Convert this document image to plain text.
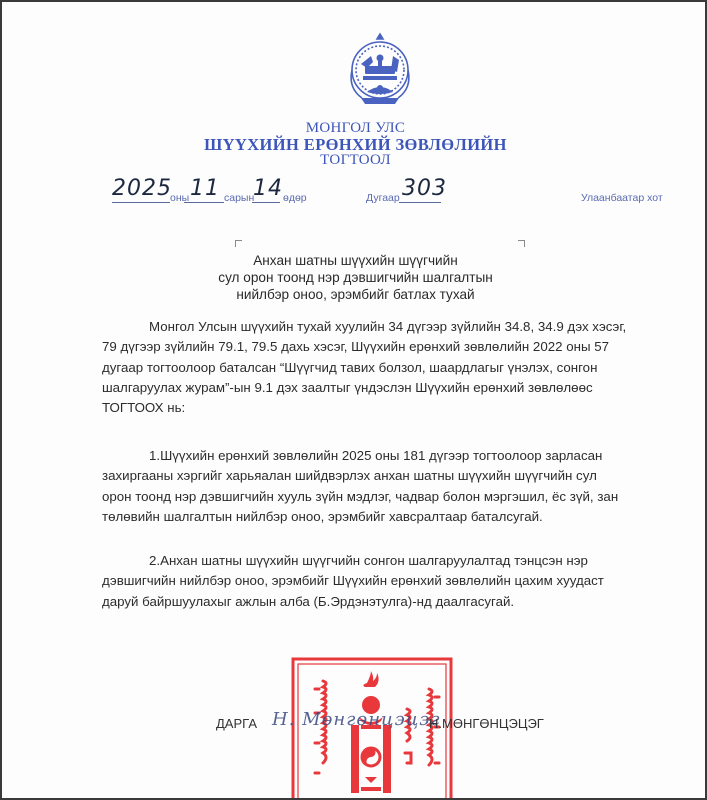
МОНГОЛ УЛС
ШҮҮХИЙН ЕРӨНХИЙ ЗӨВЛӨЛИЙН
ТОГТООЛ
2025
оны 11 сарын
14 өдөр	Дугаар 303	Улаанбаатар хот
Анхан шатны шүүхийн шүүгчийн
сул орон тоонд нэр дэвшигчийн шалгалтын
нийлбэр оноо, эрэмбийг батлах тухай
Монгол Улсын шүүхийн тухай хуулийн 34 дүгээр зүйлийн 34.8, 34.9 дэх хэсэг,
79 дүгээр зүйлийн 79.1, 79.5 дахь хэсэг, Шүүхийн ерөнхий зөвлөлийн 2022 оны 57
дугаар тогтоолоор баталсан “Шүүгчид тавих болзол, шаардлагыг үнэлэх, сонгон
шалгаруулах журам”-ын 9.1 дэх заалтыг үндэслэн Шүүхийн ерөнхий зөвлөлөөс
ТОГТООХ нь:
1.Шүүхийн ерөнхий зөвлөлийн 2025 оны 181 дүгээр тогтоолоор зарласан
захиргааны хэргийг харьяалан шийдвэрлэх анхан шатны шүүхийн шүүгчийн сул
орон тоонд нэр дэвшигчийн хууль зүйн мэдлэг, чадвар болон мэргэшил, ёс зүй, зан
төлөвийн шалгалтын нийлбэр оноо, эрэмбийг хавсралтаар баталсугай.
2.Анхан шатны шүүхийн шүүгчийн сонгон шалгаруулалтад тэнцсэн нэр
дэвшигчийн нийлбэр оноо, эрэмбийг Шүүхийн ерөнхий зөвлөлийн цахим хуудаст
даруй байршуулахыг ажлын алба (Б.Эрдэнэтулга)-нд даалгасугай.
ДАРГА Н. Мөнгөнцэцэг
Н.МӨНГӨНЦЭЦЭГ
